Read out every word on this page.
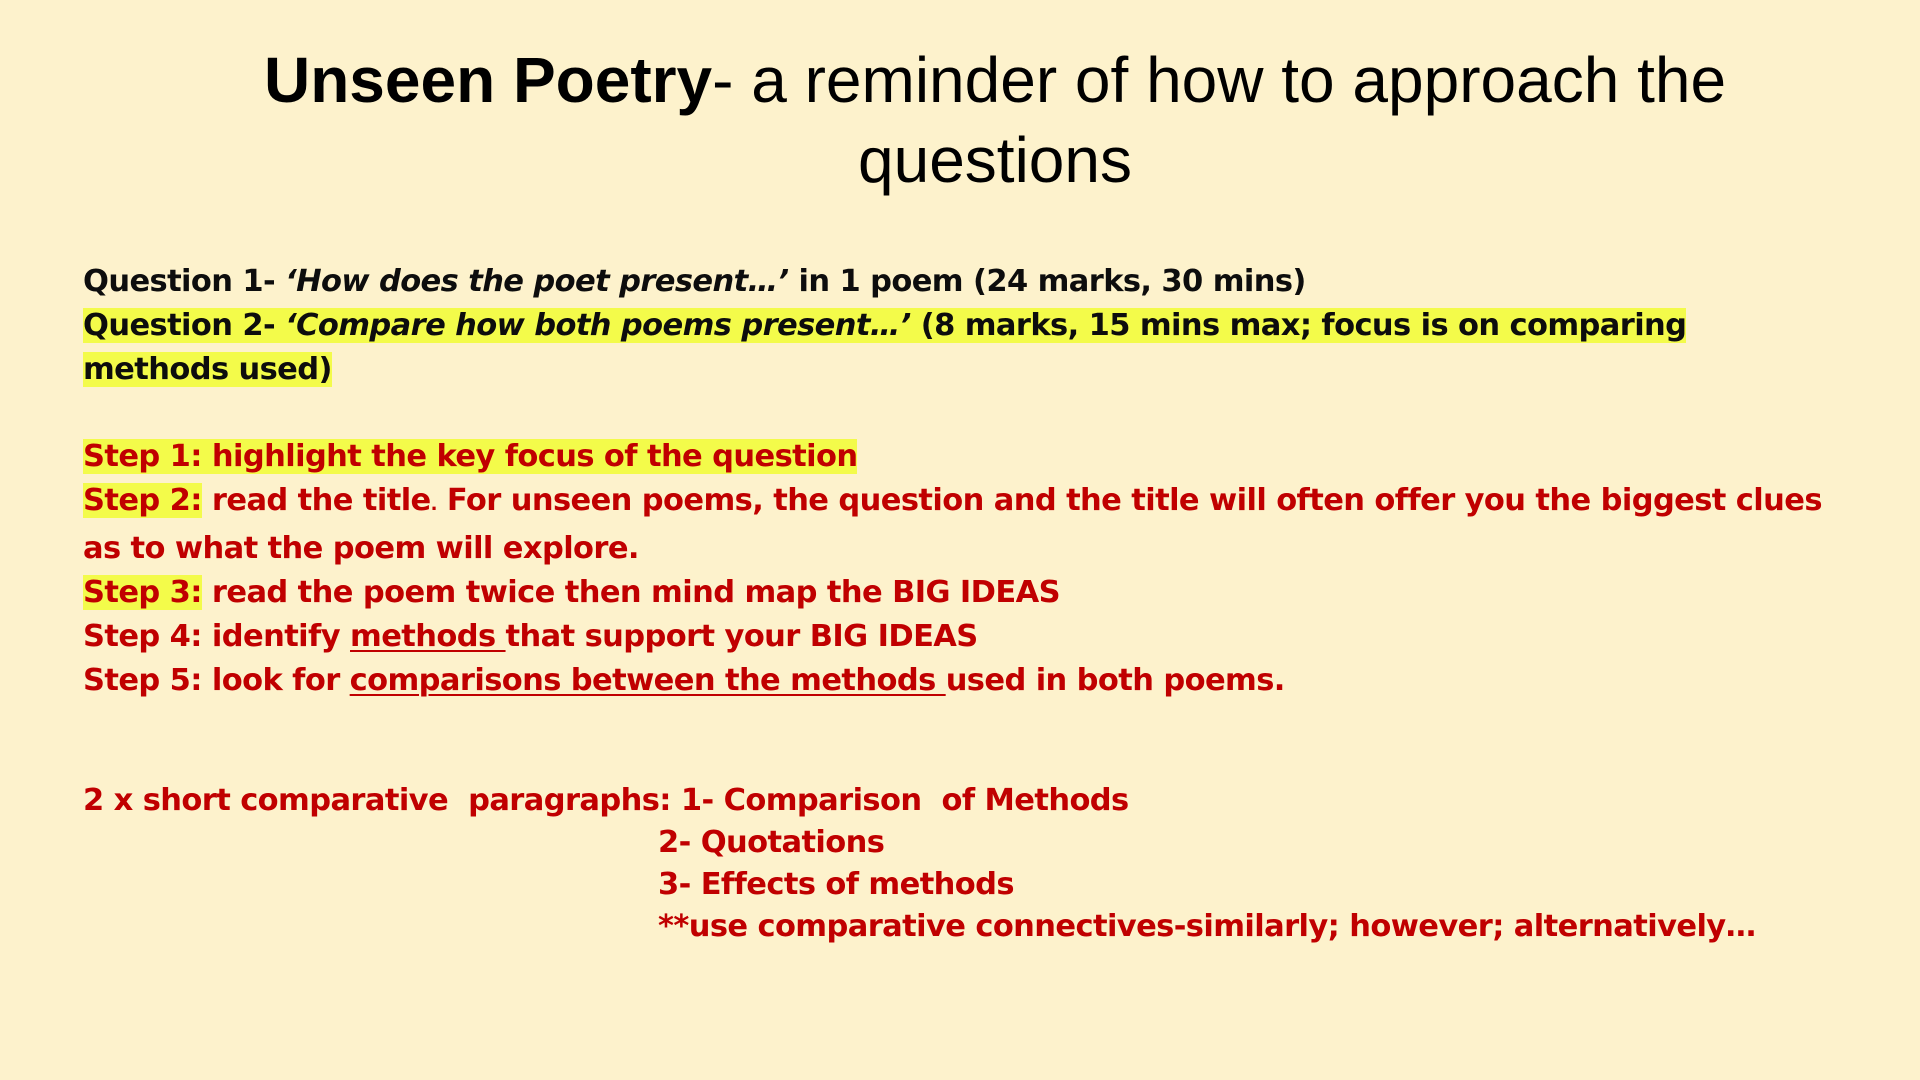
Unseen Poetry- a reminder of how to approach the questions
Question 1- ‘How does the poet present…’ in 1 poem (24 marks, 30 mins)
Question 2- ‘Compare how both poems present…’ (8 marks, 15 mins max; focus is on comparing methods used)
Step 1: highlight the key focus of the question
Step 2: read the title. For unseen poems, the question and the title will often offer you the biggest clues as to what the poem will explore.
Step 3: read the poem twice then mind map the BIG IDEAS
Step 4: identify methods that support your BIG IDEAS
Step 5: look for comparisons between the methods used in both poems.
2 x short comparative  paragraphs: 1- Comparison  of Methods
2- Quotations
3- Effects of methods
**use comparative connectives-similarly; however; alternatively…
